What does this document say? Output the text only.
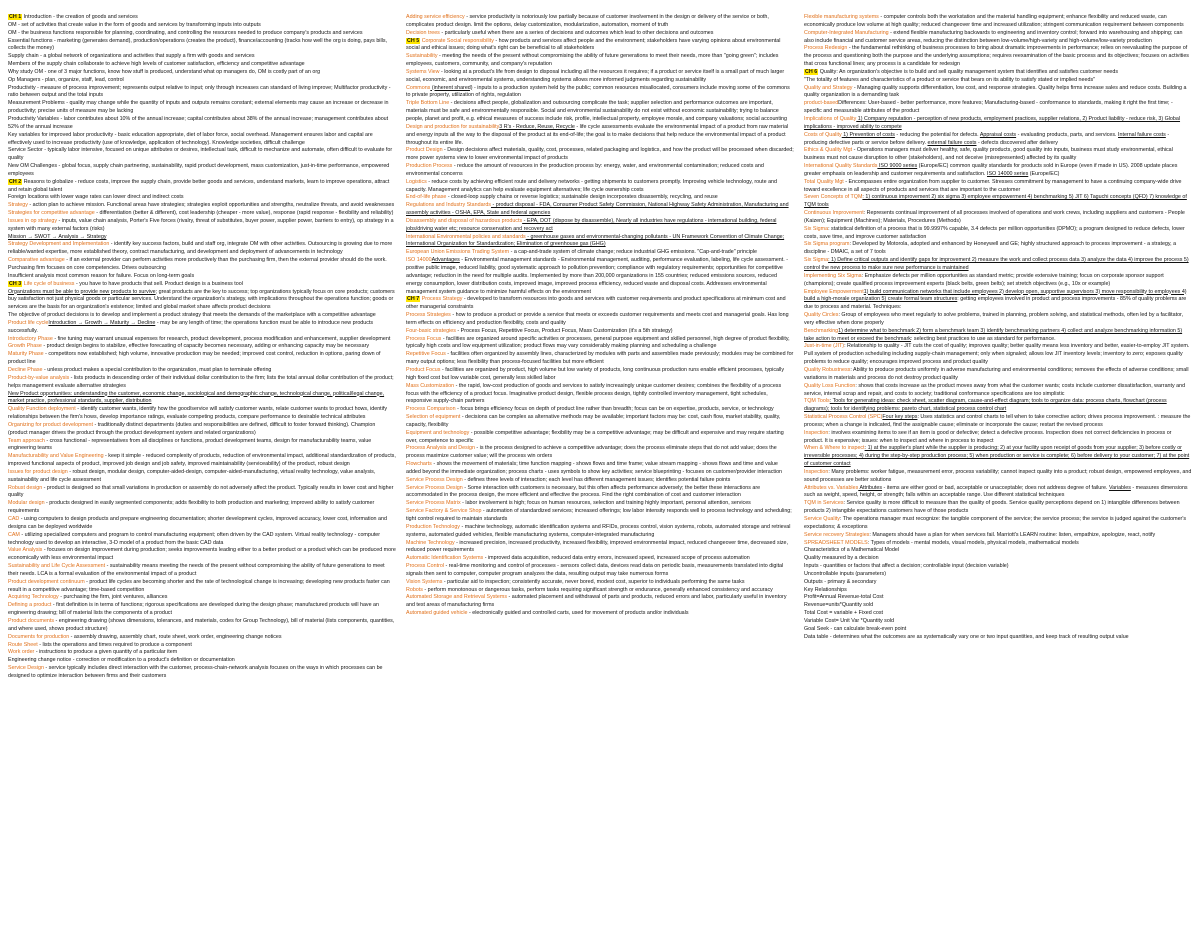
CH 1 Introduction - the creation of goods and services

OM - set of activities that create value in the form of goods and services by transforming inputs into outputs

OM - the business functions responsible for planning, coordinating, and controlling the resources needed to produce company's products and services

Essential functions - marketing (generates demand), production/operations (creates the product), finance/accounting (tracks how well the org is doing, pays bills, collects the money)

Supply chain - a global network of organizations and activities that supply a firm with goods and services

Members of the supply chain collaborate to achieve high levels of customer satisfaction, efficiency and competitive advantage

Why study OM - one of 3 major functions, know how stuff is produced, understand what op managers do, OM is costly part of an org

Op Managers - plan, organize, staff, lead, control

Productivity - measure of process improvement; represents output relative to input; only through increases can standard of living improve; Multifactor productivity - ratio between output and the total inputs

Measurement Problems - quality may change while the quantity of inputs and outputs remains constant; external elements may cause an increase or decrease in productivity; precise units of measure may be lacking

Productivity Variables - labor contributes about 10% of the annual increase; capital contributes about 38% of the annual increase; management contributes about 52% of the annual increase

Key variables for improved labor productivity - basic education appropriate, diet of labor force, social overhead. Management ensures labor and capital are effectively used to increase productivity (use of knowledge, application of technology). Knowledge societies, difficult challenge

Service Sector - typically labor intensive, focused on unique attributes or desires, intellectual task, difficult to mechanize and automate, often difficult to evaluate for quality

New OM Challenges - global focus, supply chain partnering, sustainability, rapid product development, mass customization, just-in-time performance, empowered employees

CH 2 Reasons to globalize - reduce costs, improve the supply chain, provide better goods and services, understand markets, learn to improve operations, attract and retain global talent

Foreign locations with lower wage rates can lower direct and indirect costs

Strategy - action plan to achieve mission. Functional areas have strategies; strategies exploit opportunities and strengths, neutralize threats, and avoid weaknesses

Strategies for competitive advantage - differentiation (better & different), cost leadership (cheaper - more value), response (rapid response - flexibility and reliability)

Issues in op strategy - inputs, value chain analysis, Porter's Five forces (rivalry, threat of substitutes, buyer power, supplier power, barriers to entry), op strategy in a system with many external factors (risks)

Mission → SWOT → Analysis → Strategy

Strategy Development and Implementation - identify key success factors, build and staff org, integrate OM with other activities. Outsourcing is growing due to more reliable/wanted expertise, more established theory, contract manufacturing, and development and deployment of advancements in technology

Comparative advantage - if an external provider can perform activities more productively than the purchasing firm, then the external provider should do the work. Purchasing firm focuses on core competencies. Drives outsourcing

Insufficient analysis most common reason for failure. Focus on long-term goals

CH 3 Life cycle of business - you have to have products that sell. Product design is a business tool

Organizations must be able to provide new products to survive; great products are the key to success; top organizations typically focus on core products; customers buy satisfaction not just physical goods or particular services. Understand the organization's strategy, with implications throughout the operations function; goods or services are the basis for an organization's existence; limited and global market share affects product decisions

The objective of product decisions is to develop and implement a product strategy that meets the demands of the marketplace with a competitive advantage

Product life cycleIntroduction → Growth → Maturity → Decline - may be any length of time; the operations function must be able to introduce new products successfully.

Introductory Phase - fine tuning may warrant unusual expenses for research, product development, process modification and enhancement, supplier development

Growth Phase - product design begins to stabilize, effective forecasting of capacity becomes necessary, adding or enhancing capacity may be necessary

Maturity Phase - competitors now established; high volume, innovative production may be needed; improved cost control, reduction in options, paring down of product line

Decline Phase - unless product makes a special contribution to the organization, must plan to terminate offering

Product-by-value analysis - lists products in descending order of their individual dollar contribution to the firm; lists the total annual dollar contribution of the product; helps management evaluate alternative strategies

New Product opportunities: understanding the customer, economic change, sociological and demographic change, technological change, political/legal change, market practice, professional standards, supplier, distribution

Quality Function deployment - identify customer wants, identify how the good/service will satisfy customer wants, relate customer wants to product hows, identify relationships between the firm's hows, develop importance ratings, evaluate competing products, compare performance to desirable technical attributes

Organizing for product development - traditionally distinct departments (duties and responsibilities are defined, difficult to foster forward thinking). Champion (product manager drives the product through the product development system and related organizations)

Team approach - cross functional - representatives from all disciplines or functions, product development teams, design for manufacturability teams, value engineering teams

Manufacturability and Value Engineering - keep it simple - reduced complexity of products, reduction of environmental impact, additional standardization of products, improved functional aspects of product, improved job design and job safety, improved maintainability (serviceability) of the product, robust design

Issues for product design - robust design, modular design, computer-aided-design, computer-aided-manufacturing, virtual reality technology, value analysis, sustainability and life cycle assessment

Robust design - product is designed so that small variations in production or assembly do not adversely affect the product. Typically results in lower cost and higher quality

Modular design - products designed in easily segmented components; adds flexibility to both production and marketing; improved ability to satisfy customer requirements

CAD - using computers to design products and prepare engineering documentation; shorter development cycles, improved accuracy, lower cost, information and designs can be deployed worldwide

CAM - utilizing specialized computers and program to control manufacturing equipment; often driven by the CAD system. Virtual reality technology - computer technology used to develop an interactive, 3-D model of a product from the basic CAD data

Value Analysis - focuses on design improvement during production; seeks improvements leading either to a better product or a product which can be produced more economically with less environmental impact

Sustainability and Life Cycle Assessment - sustainability means meeting the needs of the present without compromising the ability of future generations to meet their needs. LCA is a formal evaluation of the environmental impact of a product

Product development continuum - product life cycles are becoming shorter and the rate of technological change is increasing; developing new products faster can result in a competitive advantage; time-based competition

Acquiring Technology - purchasing the firm, joint ventures, alliances

Defining a product - first definition is in terms of functions; rigorous specifications are developed during the design phase; manufactured products will have an engineering drawing; bill of material lists the components of a product

Product documents - engineering drawing (shows dimensions, tolerances, and materials, codes for Group Technology), bill of material (lists components, quantities, and where used, shows product structure)

Documents for production - assembly drawing, assembly chart, route sheet, work order, engineering change notices

Route Sheet - lists the operations and times required to produce a component

Work order - instructions to produce a given quantity of a particular item

Engineering change notice - correction or modification to a product's definition or documentation

Service Design - service typically includes direct interaction with the customer, process-chain-network analysis focuses on the ways in which processes can be designed to optimize interaction between firms and their customers

Adding service efficiency - service productivity is notoriously low partially because of customer involvement in the design or delivery of the service or both, complicates product design. limit the options, delay customization, modularization, automation, moment of truth

Decision trees - particularly useful when there are a series of decisions and outcomes which lead to other decisions and outcomes

CH 5 Corporate Social responsibility - how products and services affect people and the environment; stakeholders have varying opinions about environmental social and ethical issues; doing what's right can be beneficial to all stakeholders

Sustainability - meeting the needs of the present without compromising the ability of future generations to meet their needs, more than "going green"; includes employees, customers, community, and company's reputation

Systems View - looking at a product's life from design to disposal including all the resources it requires; if a product or service itself is a small part of much larger social, economic, and environmental systems, understanding systems allows more informed judgments regarding sustainability

Commons (inherent shared) - inputs to a production system held by the public; common resources misallocated, consumers include moving some of the commons to private property, utilization of rights, regulation

Triple Bottom Line - decisions affect people, globalization and outsourcing complicate the task; supplier selection and performance outcomes are important, materials must be safe and environmentally responsible. Social and environmental sustainability do not exist without economic sustainability; trying to balance people, planet and profit, e.g. ethical measures of success include risk, profile, intellectual property, employee morale, and company valuations; social accounting

Design and production for sustainability3 R's - Reduce, Reuse, Recycle - life cycle assessments evaluate the environmental impact of a product from raw material and energy inputs all the way to the disposal of the product at its end-of-life; the goal is to make decisions that help reduce the environmental impact of a product throughout its entire life.

Product Design - Design decisions affect materials, quality, cost, processes, related packaging and logistics, and how the product will be processed when discarded; more power systems view to lower environmental impact of products

Production Process - reduce the amount of resources in the production process by: energy, water, and environmental contamination; reduced costs and environmental concerns

Logistics - reduce costs by achieving efficient route and delivery networks - getting shipments to customers promptly. Improving vehicle technology, route and capacity. Management analytics can help evaluate equipment alternatives; life cycle ownership costs

End-of-life phase - closed-loop supply chains or reverse logistics; sustainable design incorporates disassembly, recycling, and reuse

Regulations and Industry Standards - product disposal - FDA, Consumer Product Safety Commission, National Highway Safety Administration, Manufacturing and assembly activities - OSHA, EPA, State and federal agencies

Disassembly and disposal of hazardous products - EPA, DOT (dispose by disassemble), Nearly all industries have regulations - international building, federal jobs/driving water etc; resource conservation and recovery act

International Environmental policies and standards - greenhouse gases and environmental-changing pollutants - UN Framework Convention of Climate Change; International Organization for Standardization; Elimination of greenhouse gas (GHG)

European Union Emissions Trading System - a cap-and-trade system of climate change; reduce industrial GHG emissions. "Cap-and-trade" principle

ISO 14000Advantages - Environmental management standards - Environmental management, auditing, performance evaluation, labeling, life cycle assessment. - positive public image, reduced liability, good systematic approach to pollution prevention; compliance with regulatory requirements; opportunities for competitive advantage; reduction in the need for multiple audits. Implemented by more than 200,000 organizations in 155 countries; reduced emissions sources, reduced energy consumption, lower distribution costs, improved image, improved process efficiency, reduced waste and disposal costs. Addresses environmental management system guidance to minimize harmful effects on the environment

CH 7 Process Strategy - developed to transform resources into goods and services with customer requirements and product specifications at minimum cost and other managerial constraints

Process Strategies - how to produce a product or provide a service that meets or exceeds customer requirements and meets cost and managerial goals. Has long term effects on efficiency and production flexibility, costs and quality

Four-basic strategies - Process Focus, Repetitive Focus, Product Focus, Mass Customization (it's a 5th strategy)

Process Focus - facilities are organized around specific activities or processes, general purpose equipment and skilled personnel, high degree of product flexibility, typically high costs and low equipment utilization; product flows may vary considerably making planning and scheduling a challenge

Repetitive Focus - facilities often organized by assembly lines, characterized by modules with parts and assemblies made previously; modules may be combined for many output options; less flexibility than process-focused facilities but more efficient

Product Focus - facilities are organized by product, high volume but low variety of products, long continuous production runs enable efficient processes, typically high fixed cost but low variable cost, generally less skilled labor

Mass Customization - the rapid, low-cost production of goods and services to satisfy increasingly unique customer desires; combines the flexibility of a process focus with the efficiency of a product focus. Imaginative product design, flexible process design, tightly controlled inventory management, tight schedules, responsive supply-chain partners

Process Comparison - focus brings efficiency focus on depth of product line rather than breadth; focus can be on expertise, products, service, or technology

Selection of equipment - decisions can be complex as alternative methods may be available; important factors may be: cost, cash flow, market stability, quality, capacity, flexibility

Equipment and technology - possible competitive advantage; flexibility may be a competitive advantage; may be difficult and expensive and may require starting over, competence to specific

Process Analysis and Design - is the process designed to achieve a competitive advantage; does the process eliminate steps that do not add value; does the process maximize customer value; will the process win orders

Flowcharts - shows the movement of materials; time function mapping - shows flows and time frame; value stream mapping - shows flows and time and value added beyond the immediate organization; process charts - uses symbols to show key activities; service blueprinting - focuses on customer/provider interaction

Service Process Design - defines three levels of interaction; each level has different management issues; identifies potential failure points

Service Process Design - Some interaction with customers is necessary, but this often affects performance adversely; the better these interactions are accommodated in the process design, the more efficient and effective the process. Find the right combination of cost and customer interaction

Service Process Matrix - labor involvement is high; focus on human resources, selection and training highly important, personal attention, services

Service Factory & Service Shop - automation of standardized services; increased offerings; low labor intensity responds well to process technology and scheduling; tight control required to maintain standards

Production Technology - machine technology, automatic identification systems and RFIDs, process control, vision systems, robots, automated storage and retrieval systems, automated guided vehicles, flexible manufacturing systems, computer-integrated manufacturing

Machine Technology - increased precision, increased productivity, increased flexibility, improved environmental impact, reduced changeover time, decreased size, reduced power requirements

Automatic Identification Systems - improved data acquisition, reduced data entry errors, increased speed, increased scope of process automation

Process Control - real-time monitoring and control of processes - sensors collect data, devices read data on periodic basis, measurements translated into digital signals then sent to computer, computer program analyzes the data, resulting output may take numerous forms

Vision Systems - particular aid to inspection; consistently accurate, never bored, modest cost, superior to individuals performing the same tasks

Robots - perform monotonous or dangerous tasks, perform tasks requiring significant strength or endurance, generally enhanced consistency and accuracy

Automated Storage and Retrieval Systems - automated placement and withdrawal of parts and products, reduced errors and labor, particularly useful in inventory and test areas of manufacturing firms

Automated guided vehicle - electronically guided and controlled carts, used for movement of products and/or individuals

Flexible manufacturing systems - computer controls both the workstation and the material handling equipment; enhance flexibility and reduced waste, can economically produce low volume at high quality; reduced changeover time and increased utilization; stringent communication requirement between components

Computer-Integrated Manufacturing - extend flexible manufacturing backwards to engineering and inventory control; forward into warehousing and shipping; can also include financial and customer service areas, reducing the distinction between low-volume/high-variety and high-volume/low-variety production

Process Redesign - the fundamental rethinking of business processes to bring about dramatic improvements in performance; relies on reevaluating the purpose of the process and questioning both the purpose and the underlying assumptions; requires reexamination of the basic process and its objectives; focuses on activities that cross functional lines; any process is a candidate for redesign

CH 6 Quality: An organization's objective is to build and sell quality management system that identifies and satisfies customer needs

"The totality of features and characteristics of a product or service that bears on its ability to satisfy stated or implied needs"

Quality and Strategy - Managing quality supports differentiation, low cost, and response strategies. Quality helps firms increase sales and reduce costs. Building a quality organization is a demanding task

product-basedDifferences: User-based - better performance, more features; Manufacturing-based - conformance to standards, making it right the first time; - specific and measurable attributes of the product

Implications of Quality 1) Company reputation - perception of new products, employment practices, supplier relations, 2) Product liability - reduce risk, 3) Global implications - improved ability to compete

Costs of Quality 1) Prevention of costs - reducing the potential for defects. Appraisal costs - evaluating products, parts, and services. Internal failure costs - producing defective parts or service before delivery. external failure costs - defects discovered after delivery

Ethics & Quality Mgt - Operations managers must deliver healthy, safe, quality products, good quality into inputs, business must study environmental, ethical business must not cause disruption to other (stakeholders), and not deceive (misrepresented) affected by its quality

International Quality Standards ISO 9000 series (Europe/EC) common quality standards for products sold in Europe (even if made in US). 2008 update places greater emphasis on leadership and customer requirements and satisfaction. ISO 14000 series (Europe/EC)

Total Quality Mgt - Encompasses entire organization from supplier to customer. Stresses commitment by management to have a continuing company-wide drive toward excellence in all aspects of products and services that are important to the customer

Seven Concepts of TQM: 1) continuous improvement 2) six sigma 3) employee empowerment 4) benchmarking 5) JIT 6) Taguchi concepts (QFD) 7) knowledge of TQM tools

Continuous Improvement: Represents continual improvement of all processes involved of operations and work crews, including suppliers and customers - People (Kaizen); Equipment (Machines); Materials, Procedures (Methods)

Six Sigma: statistical definition of a process that is 99.9997% capable, 3.4 defects per million opportunities (DPMO); a program designed to reduce defects, lower costs, save time, and improve customer satisfaction

Six Sigma program: Developed by Motorola, adopted and enhanced by Honeywell and GE; highly structured approach to process improvement - a strategy, a discipline - DMAIC, a set of 7 tools

Six Sigma: 1) Define critical outputs and identify gaps for improvement 2) measure the work and collect process data 3) analyze the data 4) improve the process 5) control the new process to make sure new performance is maintained

Implementing Six Sigma: Emphasize defects per million opportunities as standard metric; provide extensive training; focus on corporate sponsor support (champions); create qualified process improvement experts (black belts, green belts); set stretch objectives (e.g., 10x or example)

Employee Empowerment1) build communication networks that include employees 2) develop open, supportive supervisors 3) move responsibility to employees 4) build a high-morale organization 5) create formal team structures: getting employees involved in product and process improvements - 85% of quality problems are due to process and material. Techniques:

Quality Circles: Group of employees who meet regularly to solve problems, trained in planning, problem solving, and statistical methods, often led by a facilitator, very effective when done properly

Benchmarking1) determine what to benchmark 2) form a benchmark team 3) identify benchmarking partners 4) collect and analyze benchmarking information 5) take action to meet or exceed the benchmark: selecting best practices to use as standard for performance.

Just-in-time (JIT): Relationship to quality - JIT cuts the cost of quality; improves quality; better quality means less inventory and better, easier-to-employ JIT system. Pull system of production scheduling including supply-chain management; only when signaled; allows low JIT inventory levels; inventory to zero; exposes quality problems to reduce quality; encourages improved process and product quality

Quality Robustness: Ability to produce products uniformly in adverse manufacturing and environmental conditions; removes the effects of adverse conditions; small variations in materials and process do not destroy product quality

Quality Loss Function: shows that costs increase as the product moves away from what the customer wants; costs include customer dissatisfaction, warranty and service, internal scrap and repair, and costs to society; traditional conformance specifications are too simplistic

TQM Tools: Tools for generating ideas: check sheet, scatter diagram, cause-and-effect diagram; tools to organize data: process charts, flowchart (process diagrams); tools for identifying problems: pareto chart, statistical process control chart

Statistical Process Control (SPC)Four key steps: Uses statistics and control charts to tell when to take corrective action; drives process improvement. : measure the process; when a change is indicated, find the assignable cause; eliminate or incorporate the cause; restart the revised process

Inspection: involves examining items to see if an item is good or defective; detect a defective process. Inspection does not correct deficiencies in process or product. It is expensive; issues: when to inspect and where in process to inspect

When & Where to inspect: 1) at the supplier's plant while the supplier is producing; 2) at your facility upon receipt of goods from your supplier; 3) before costly or irreversible processes; 4) during the step-by-step production process; 5) when production or service is complete; 6) before delivery to your customer; 7) at the point of customer contact

Inspection: Many problems: worker fatigue, measurement error, process variability; cannot inspect quality into a product; robust design, empowered employees, and sound processes are better solutions

Attributes vs. Variables Attributes - items are either good or bad, acceptable or unacceptable; does not address degree of failure. Variables - measures dimensions such as weight, speed, height, or strength; falls within an acceptable range. Use different statistical techniques

TQM in Services: Service quality is more difficult to measure than the quality of goods. Service quality perceptions depend on 1) intangible differences between products 2) intangible expectations customers have of those products

Service Quality: The operations manager must recognize: the tangible component of the service; the service process; the service is judged against the customer's expectations; & exceptions

Service recovery Strategies: Managers should have a plan for when services fail. Marriott's LEARN routine: listen, empathize, apologize, react, notify

SPREADSHEET MODELS: Types of models - mental models, visual models, physical models, mathematical models

Characteristics of a Mathematical Model

Quality measured by a decision

Inputs - quantities or factors that affect a decision; controllable input (decision variable)

Uncontrollable inputs (parameters)

Outputs - primary & secondary

Key Relationships

Profit=Annual Revenue-total Cost

Revenue=units*Quantity sold

Total Cost = variable + Fixed cost

Variable Cost= Unit Var *Quantity sold

Goal Seek - can calculate break-even point

Data table - determines what the outcomes are as systematically vary one or two input quantities, and keep track of resulting output value
